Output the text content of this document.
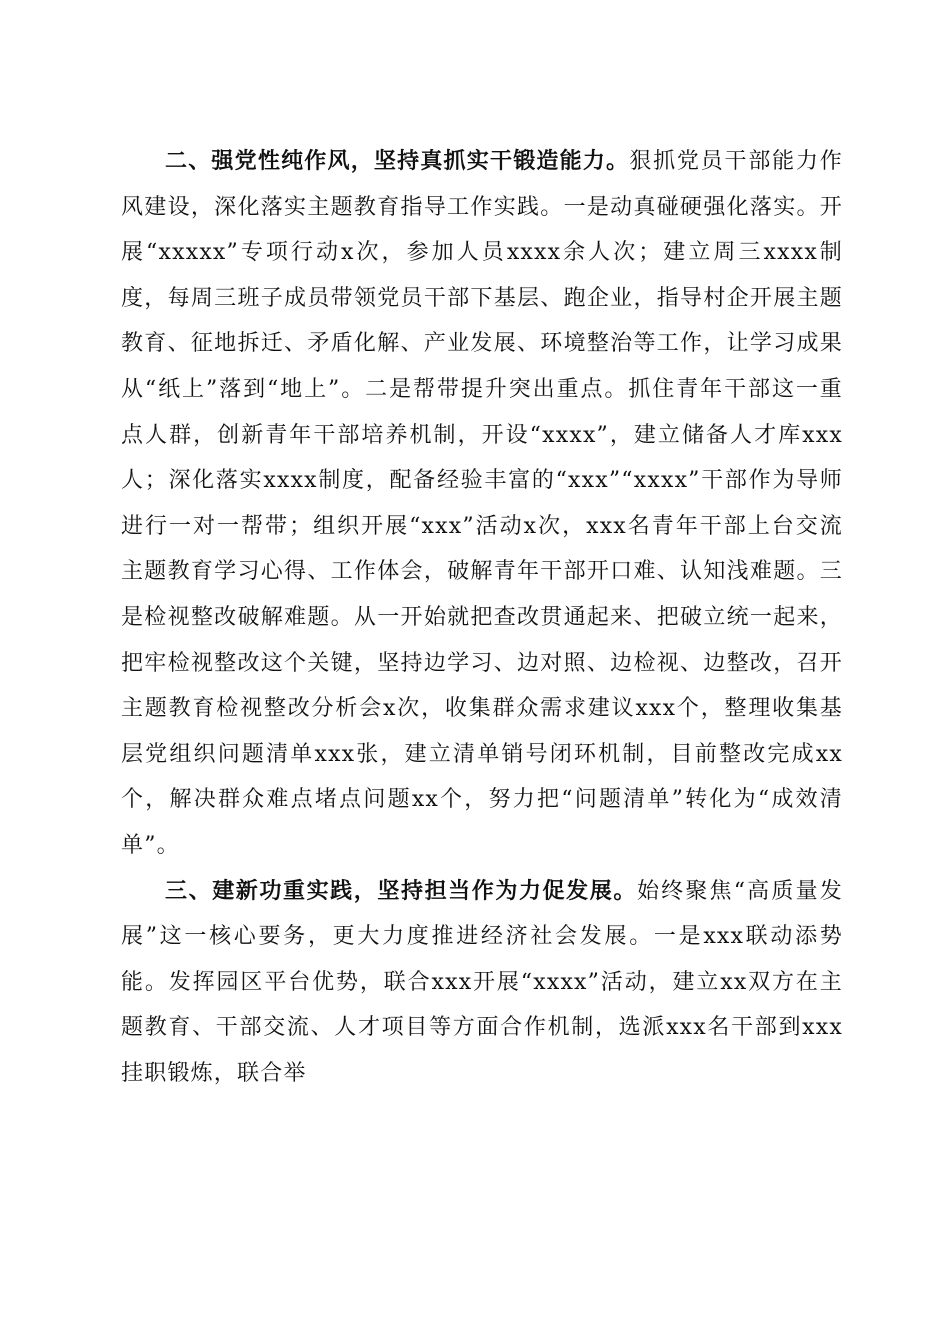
二、强党性纯作风，坚持真抓实干锻造能力。狠抓党员干部能力作风建设，深化落实主题教育指导工作实践。一是动真碰硬强化落实。开展“xxxxx”专项行动x次，参加人员xxxx余人次；建立周三xxxx制度，每周三班子成员带领党员干部下基层、跑企业，指导村企开展主题教育、征地拆迁、矛盾化解、产业发展、环境整治等工作，让学习成果从“纸上”落到“地上”。二是帮带提升突出重点。抓住青年干部这一重点人群，创新青年干部培养机制，开设“xxxx”，建立储备人才库xxx人；深化落实xxxx制度，配备经验丰富的“xxx”“xxxx”干部作为导师进行一对一帮带；组织开展“xxx”活动x次，xxx名青年干部上台交流主题教育学习心得、工作体会，破解青年干部开口难、认知浅难题。三是检视整改破解难题。从一开始就把查改贯通起来、把破立统一起来，把牢检视整改这个关键，坚持边学习、边对照、边检视、边整改，召开主题教育检视整改分析会x次，收集群众需求建议xxx个，整理收集基层党组织问题清单xxx张，建立清单销号闭环机制，目前整改完成xx个，解决群众难点堵点问题xx个，努力把“问题清单”转化为“成效清单”。

三、建新功重实践，坚持担当作为力促发展。始终聚焦“高质量发展”这一核心要务，更大力度推进经济社会发展。一是xxx联动添势能。发挥园区平台优势，联合xxx开展“xxxx”活动，建立xx双方在主题教育、干部交流、人才项目等方面合作机制，选派xxx名干部到xxx挂职锻炼，联合举
